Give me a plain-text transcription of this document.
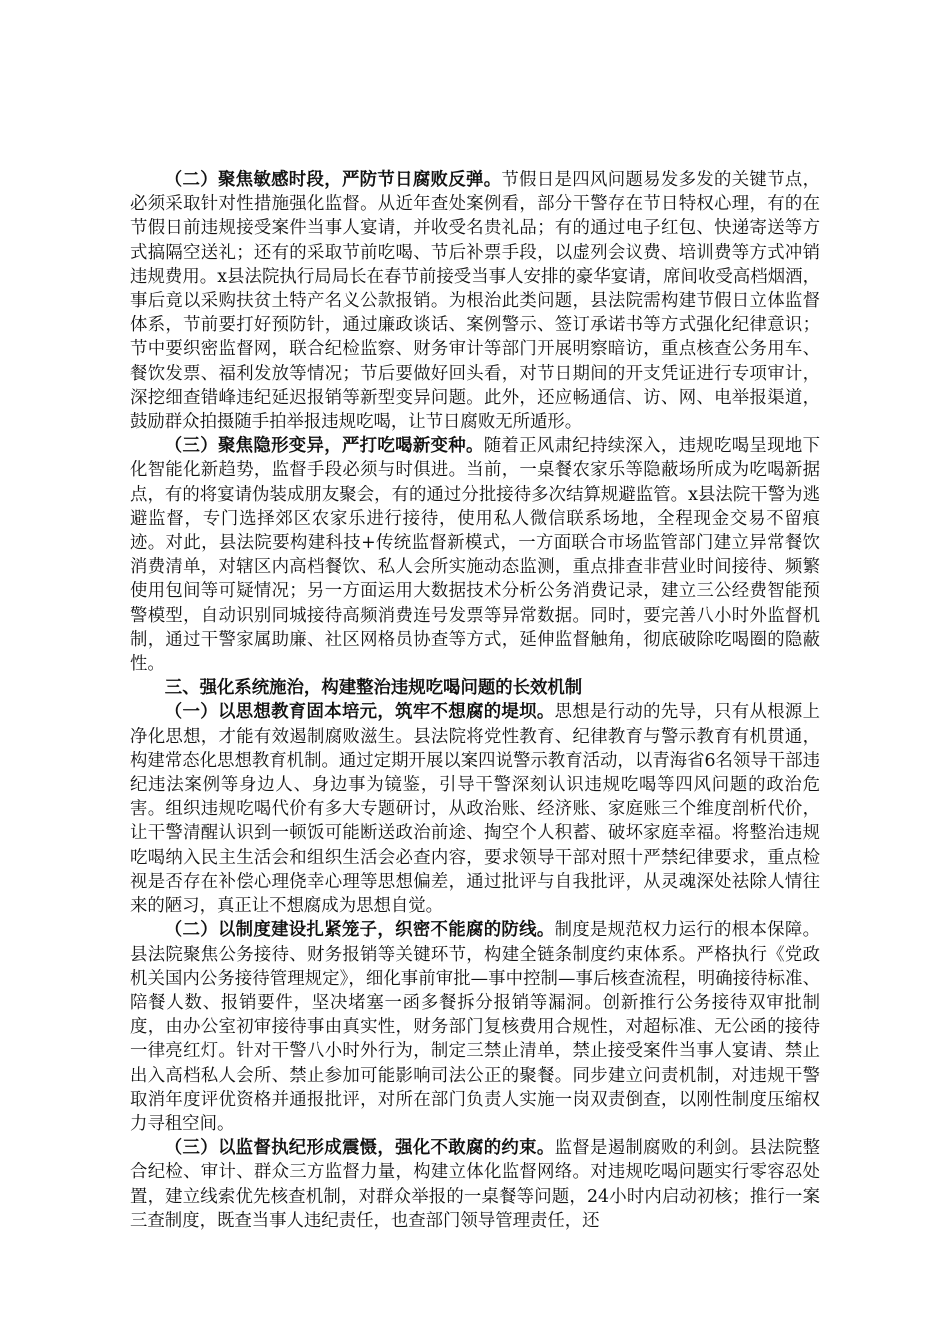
（二）聚焦敏感时段，严防节日腐败反弹。节假日是四风问题易发多发的关键节点，必须采取针对性措施强化监督。从近年查处案例看，部分干警存在节日特权心理，有的在节假日前违规接受案件当事人宴请，并收受名贵礼品；有的通过电子红包、快递寄送等方式搞隔空送礼；还有的采取节前吃喝、节后补票手段，以虚列会议费、培训费等方式冲销违规费用。x县法院执行局局长在春节前接受当事人安排的豪华宴请，席间收受高档烟酒，事后竟以采购扶贫土特产名义公款报销。为根治此类问题，县法院需构建节假日立体监督体系，节前要打好预防针，通过廉政谈话、案例警示、签订承诺书等方式强化纪律意识；节中要织密监督网，联合纪检监察、财务审计等部门开展明察暗访，重点核查公务用车、餐饮发票、福利发放等情况；节后要做好回头看，对节日期间的开支凭证进行专项审计，深挖细查错峰违纪延迟报销等新型变异问题。此外，还应畅通信、访、网、电举报渠道，鼓励群众拍摄随手拍举报违规吃喝，让节日腐败无所遁形。

（三）聚焦隐形变异，严打吃喝新变种。随着正风肃纪持续深入，违规吃喝呈现地下化智能化新趋势，监督手段必须与时俱进。当前，一桌餐农家乐等隐蔽场所成为吃喝新据点，有的将宴请伪装成朋友聚会，有的通过分批接待多次结算规避监管。x县法院干警为逃避监督，专门选择郊区农家乐进行接待，使用私人微信联系场地，全程现金交易不留痕迹。对此，县法院要构建科技+传统监督新模式，一方面联合市场监管部门建立异常餐饮消费清单，对辖区内高档餐饮、私人会所实施动态监测，重点排查非营业时间接待、频繁使用包间等可疑情况；另一方面运用大数据技术分析公务消费记录，建立三公经费智能预警模型，自动识别同城接待高频消费连号发票等异常数据。同时，要完善八小时外监督机制，通过干警家属助廉、社区网格员协查等方式，延伸监督触角，彻底破除吃喝圈的隐蔽性。

三、强化系统施治，构建整治违规吃喝问题的长效机制

（一）以思想教育固本培元，筑牢不想腐的堤坝。思想是行动的先导，只有从根源上净化思想，才能有效遏制腐败滋生。县法院将党性教育、纪律教育与警示教育有机贯通，构建常态化思想教育机制。通过定期开展以案四说警示教育活动，以青海省6名领导干部违纪违法案例等身边人、身边事为镜鉴，引导干警深刻认识违规吃喝等四风问题的政治危害。组织违规吃喝代价有多大专题研讨，从政治账、经济账、家庭账三个维度剖析代价，让干警清醒认识到一顿饭可能断送政治前途、掏空个人积蓄、破坏家庭幸福。将整治违规吃喝纳入民主生活会和组织生活会必查内容，要求领导干部对照十严禁纪律要求，重点检视是否存在补偿心理侥幸心理等思想偏差，通过批评与自我批评，从灵魂深处祛除人情往来的陋习，真正让不想腐成为思想自觉。

（二）以制度建设扎紧笼子，织密不能腐的防线。制度是规范权力运行的根本保障。县法院聚焦公务接待、财务报销等关键环节，构建全链条制度约束体系。严格执行《党政机关国内公务接待管理规定》，细化事前审批—事中控制—事后核查流程，明确接待标准、陪餐人数、报销要件，坚决堵塞一函多餐拆分报销等漏洞。创新推行公务接待双审批制度，由办公室初审接待事由真实性，财务部门复核费用合规性，对超标准、无公函的接待一律亮红灯。针对干警八小时外行为，制定三禁止清单，禁止接受案件当事人宴请、禁止出入高档私人会所、禁止参加可能影响司法公正的聚餐。同步建立问责机制，对违规干警取消年度评优资格并通报批评，对所在部门负责人实施一岗双责倒查，以刚性制度压缩权力寻租空间。

（三）以监督执纪形成震慑，强化不敢腐的约束。监督是遏制腐败的利剑。县法院整合纪检、审计、群众三方监督力量，构建立体化监督网络。对违规吃喝问题实行零容忍处置，建立线索优先核查机制，对群众举报的一桌餐等问题，24小时内启动初核；推行一案三查制度，既查当事人违纪责任，也查部门领导管理责任，还
